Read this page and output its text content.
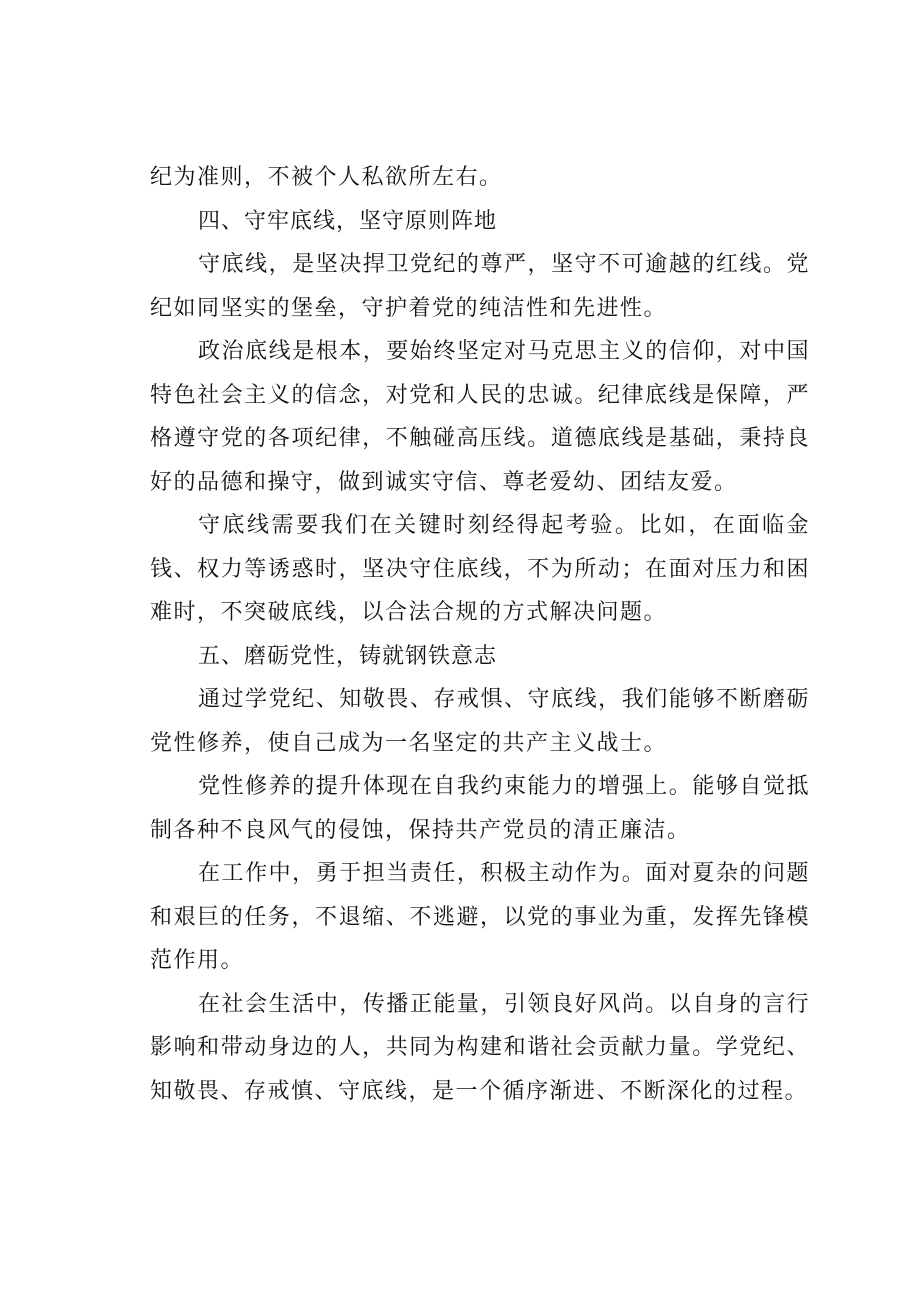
纪为准则，不被个人私欲所左右。

四、守牢底线，坚守原则阵地

守底线，是坚决捍卫党纪的尊严，坚守不可逾越的红线。党纪如同坚实的堡垒，守护着党的纯洁性和先进性。

政治底线是根本，要始终坚定对马克思主义的信仰，对中国特色社会主义的信念，对党和人民的忠诚。纪律底线是保障，严格遵守党的各项纪律，不触碰高压线。道德底线是基础，秉持良好的品德和操守，做到诚实守信、尊老爱幼、团结友爱。

守底线需要我们在关键时刻经得起考验。比如，在面临金钱、权力等诱惑时，坚决守住底线，不为所动；在面对压力和困难时，不突破底线，以合法合规的方式解决问题。

五、磨砺党性，铸就钢铁意志

通过学党纪、知敬畏、存戒惧、守底线，我们能够不断磨砺党性修养，使自己成为一名坚定的共产主义战士。

党性修养的提升体现在自我约束能力的增强上。能够自觉抵制各种不良风气的侵蚀，保持共产党员的清正廉洁。

在工作中，勇于担当责任，积极主动作为。面对夏杂的问题和艰巨的任务，不退缩、不逃避，以党的事业为重，发挥先锋模范作用。

在社会生活中，传播正能量，引领良好风尚。以自身的言行影响和带动身边的人，共同为构建和谐社会贡献力量。学党纪、知敬畏、存戒慎、守底线，是一个循序渐进、不断深化的过程。
